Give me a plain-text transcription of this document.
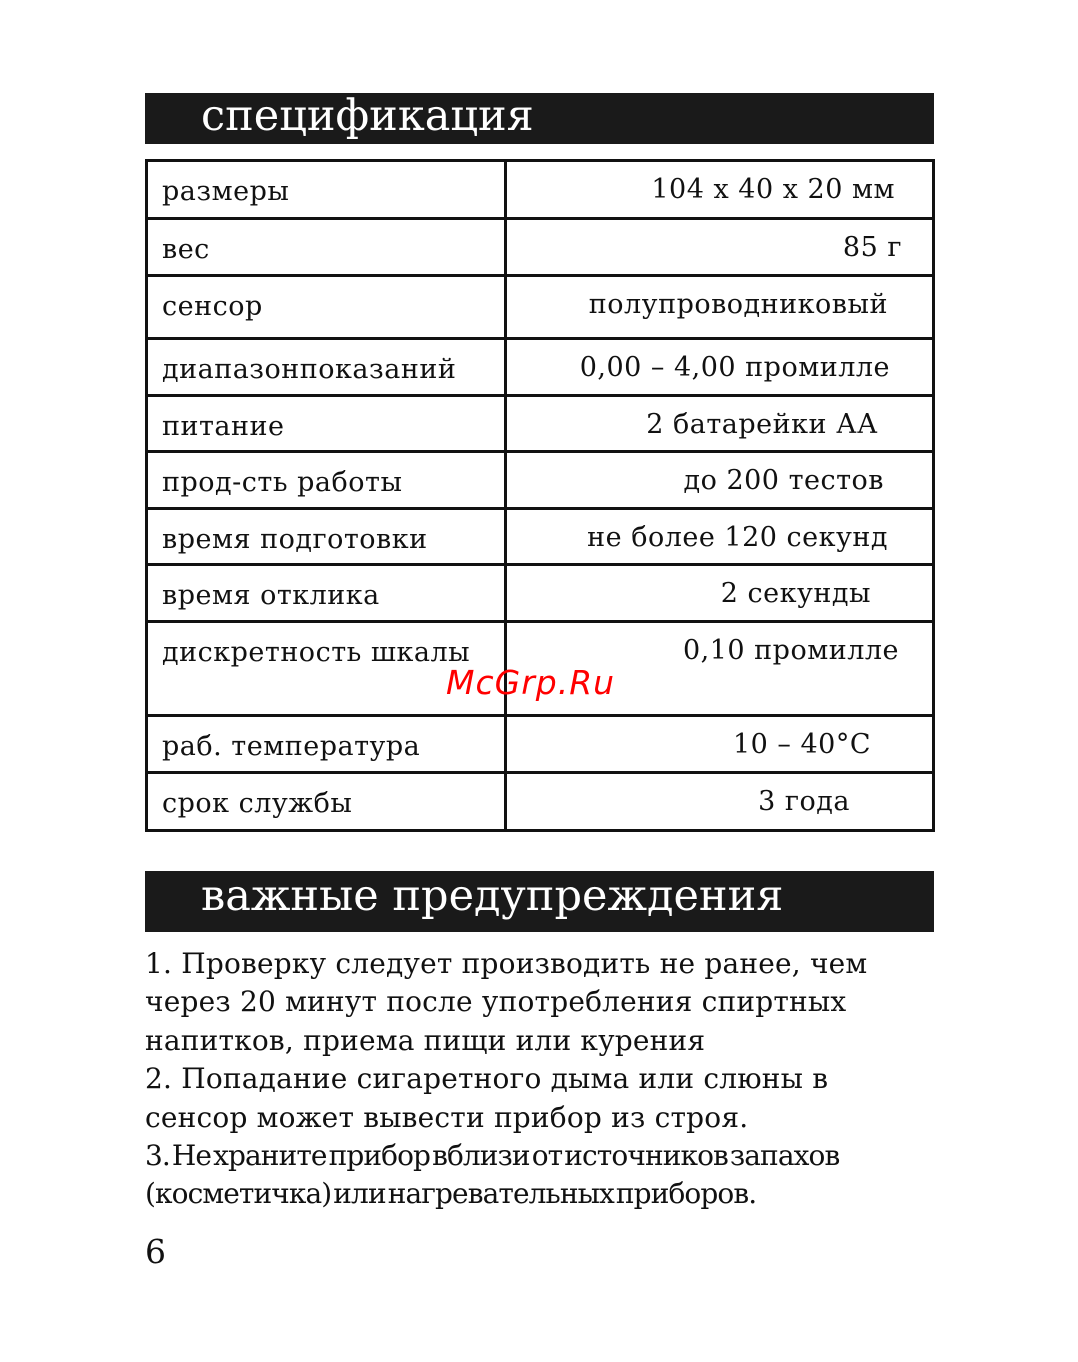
спецификация
размеры	104 х 40 х 20 мм
вес	85 г
сенсор	полупроводниковый
диапазонпоказаний	0,00 – 4,00 промилле
питание	2 батарейки АА
прод-сть работы	до 200 тестов
время подготовки	не более 120 секунд
время отклика	2 секунды
дискретность шкалы	0,10 промилле
раб. температура	10 – 40°С
срок службы	3 года
McGrp.Ru
важные предупреждения

1. Проверку следует производить не ранее, чем через 20 минут после употребления спиртных напитков, приема пищи или курения

2. Попадание сигаретного дыма или слюны в сенсор может вывести прибор из строя.

3. Не храните прибор вблизи от источников запахов (косметичка) или нагревательных приборов.

6
